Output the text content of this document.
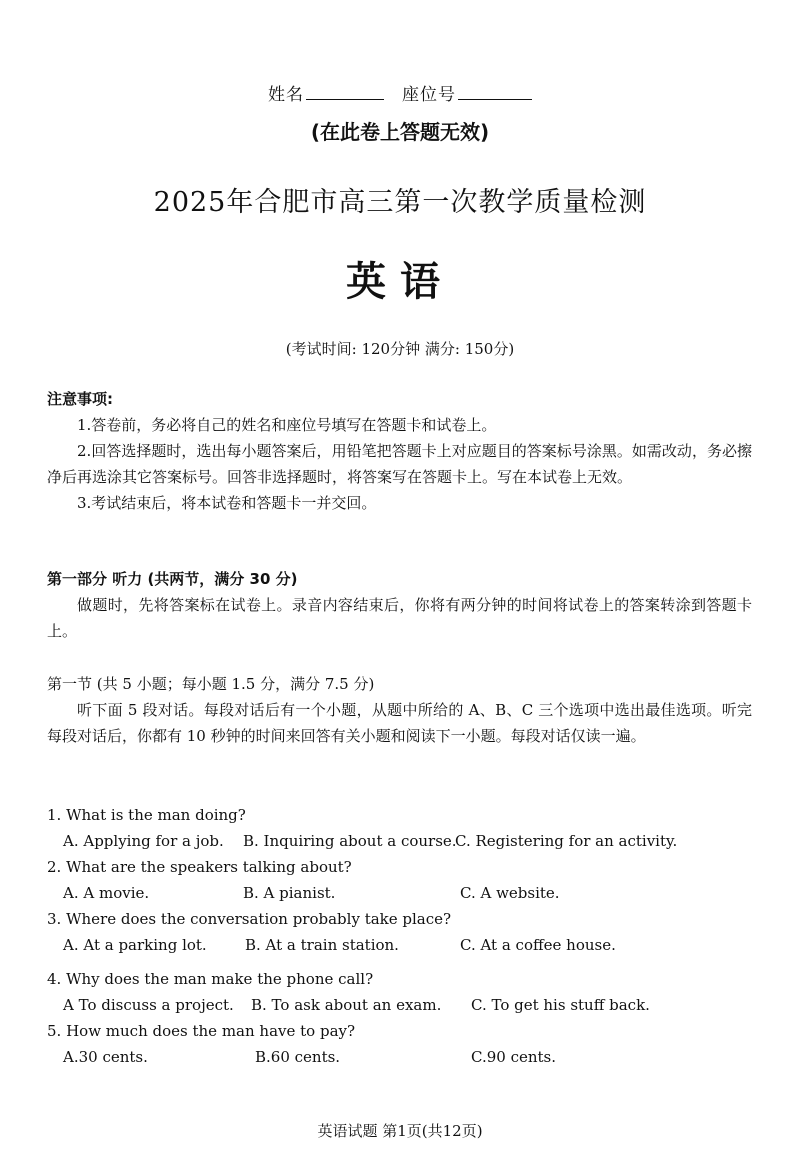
姓名	座位号
(在此卷上答题无效)
2025年合肥市高三第一次教学质量检测
英语
(考试时间: 120分钟 满分: 150分)
注意事项:

1.答卷前，务必将自己的姓名和座位号填写在答题卡和试卷上。

2.回答选择题时，选出每小题答案后，用铅笔把答题卡上对应题目的答案标号涂黑。如需改动，务必擦净后再选涂其它答案标号。回答非选择题时，将答案写在答题卡上。写在本试卷上无效。

3.考试结束后，将本试卷和答题卡一并交回。

第一部分 听力 (共两节，满分 30 分)

做题时，先将答案标在试卷上。录音内容结束后，你将有两分钟的时间将试卷上的答案转涂到答题卡上。

第一节 (共 5 小题；每小题 1.5 分，满分 7.5 分)

听下面 5 段对话。每段对话后有一个小题，从题中所给的 A、B、C 三个选项中选出最佳选项。听完每段对话后，你都有 10 秒钟的时间来回答有关小题和阅读下一小题。每段对话仅读一遍。

1. What is the man doing?
A. Applying for a job. B. Inquiring about a course.
C. Registering for an activity.
2. What are the speakers talking about?
A. A movie.	B. A pianist.	C. A website.
3. Where does the conversation probably take place?
A. At a parking lot.	B. At a train station.	C. At a coffee house.
4. Why does the man make the phone call?
A To discuss a project. B. To ask about an exam. C. To get his stuff back.
5. How much does the man have to pay?
A.30 cents.	B.60 cents.	C.90 cents.
英语试题 第1页(共12页)
